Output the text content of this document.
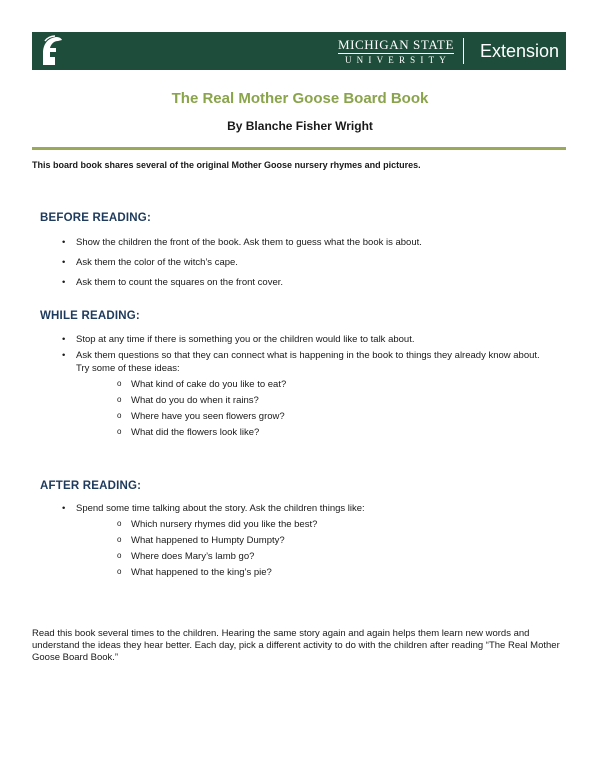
MICHIGAN STATE
UNIVERSITY Extension
The Real Mother Goose Board Book
By Blanche Fisher Wright
This board book shares several of the original Mother Goose nursery rhymes and pictures.
BEFORE READING:
• Show the children the front of the book. Ask them to guess what the book is about.
• Ask them the color of the witch’s cape.
• Ask them to count the squares on the front cover.
WHILE READING:
• Stop at any time if there is something you or the children would like to talk about.
• Ask them questions so that they can connect what is happening in the book to things they already know about. Try some of these ideas:
o What kind of cake do you like to eat?
o What do you do when it rains?
o Where have you seen flowers grow?
o What did the flowers look like?
AFTER READING:
• Spend some time talking about the story. Ask the children things like:
o Which nursery rhymes did you like the best?
o What happened to Humpty Dumpty?
o Where does Mary’s lamb go?
o What happened to the king’s pie?
Read this book several times to the children. Hearing the same story again and again helps them learn new words and understand the ideas they hear better. Each day, pick a different activity to do with the children after reading “The Real Mother Goose Board Book.”
